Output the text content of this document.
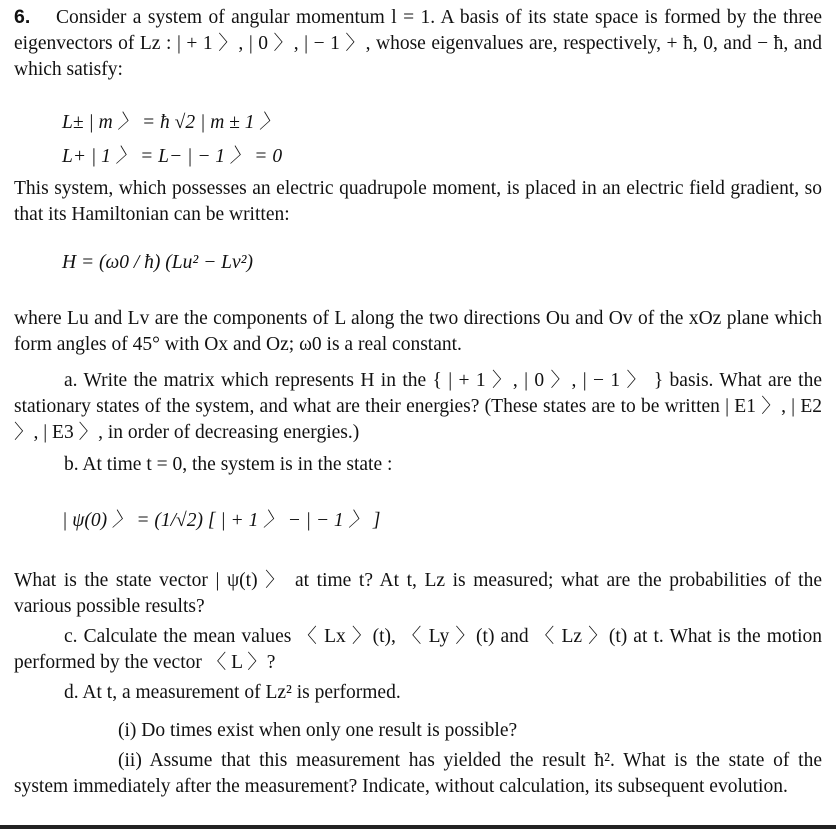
6. Consider a system of angular momentum l = 1. A basis of its state space is formed by the three eigenvectors of Lz : | + 1 〉, | 0 〉, | − 1 〉, whose eigenvalues are, respectively, + ħ, 0, and − ħ, and which satisfy:
L± | m 〉 = ħ √2 | m ± 1 〉
L+ | 1 〉 = L− | − 1 〉 = 0
This system, which possesses an electric quadrupole moment, is placed in an electric field gradient, so that its Hamiltonian can be written:
H = (ω0 / ħ) (Lu² − Lv²)
where Lu and Lv are the components of L along the two directions Ou and Ov of the xOz plane which form angles of 45° with Ox and Oz; ω0 is a real constant.
a. Write the matrix which represents H in the { | + 1 〉, | 0 〉, | − 1 〉 } basis. What are the stationary states of the system, and what are their energies? (These states are to be written | E1 〉, | E2 〉, | E3 〉, in order of decreasing energies.)
b. At time t = 0, the system is in the state :
| ψ(0) 〉 = (1/√2) [ | + 1 〉 − | − 1 〉 ]
What is the state vector | ψ(t) 〉 at time t? At t, Lz is measured; what are the probabilities of the various possible results?
c. Calculate the mean values 〈 Lx 〉(t), 〈 Ly 〉(t) and 〈 Lz 〉(t) at t. What is the motion performed by the vector 〈 L 〉?
d. At t, a measurement of Lz² is performed.
(i) Do times exist when only one result is possible?
(ii) Assume that this measurement has yielded the result ħ². What is the state of the system immediately after the measurement? Indicate, without calculation, its subsequent evolution.
